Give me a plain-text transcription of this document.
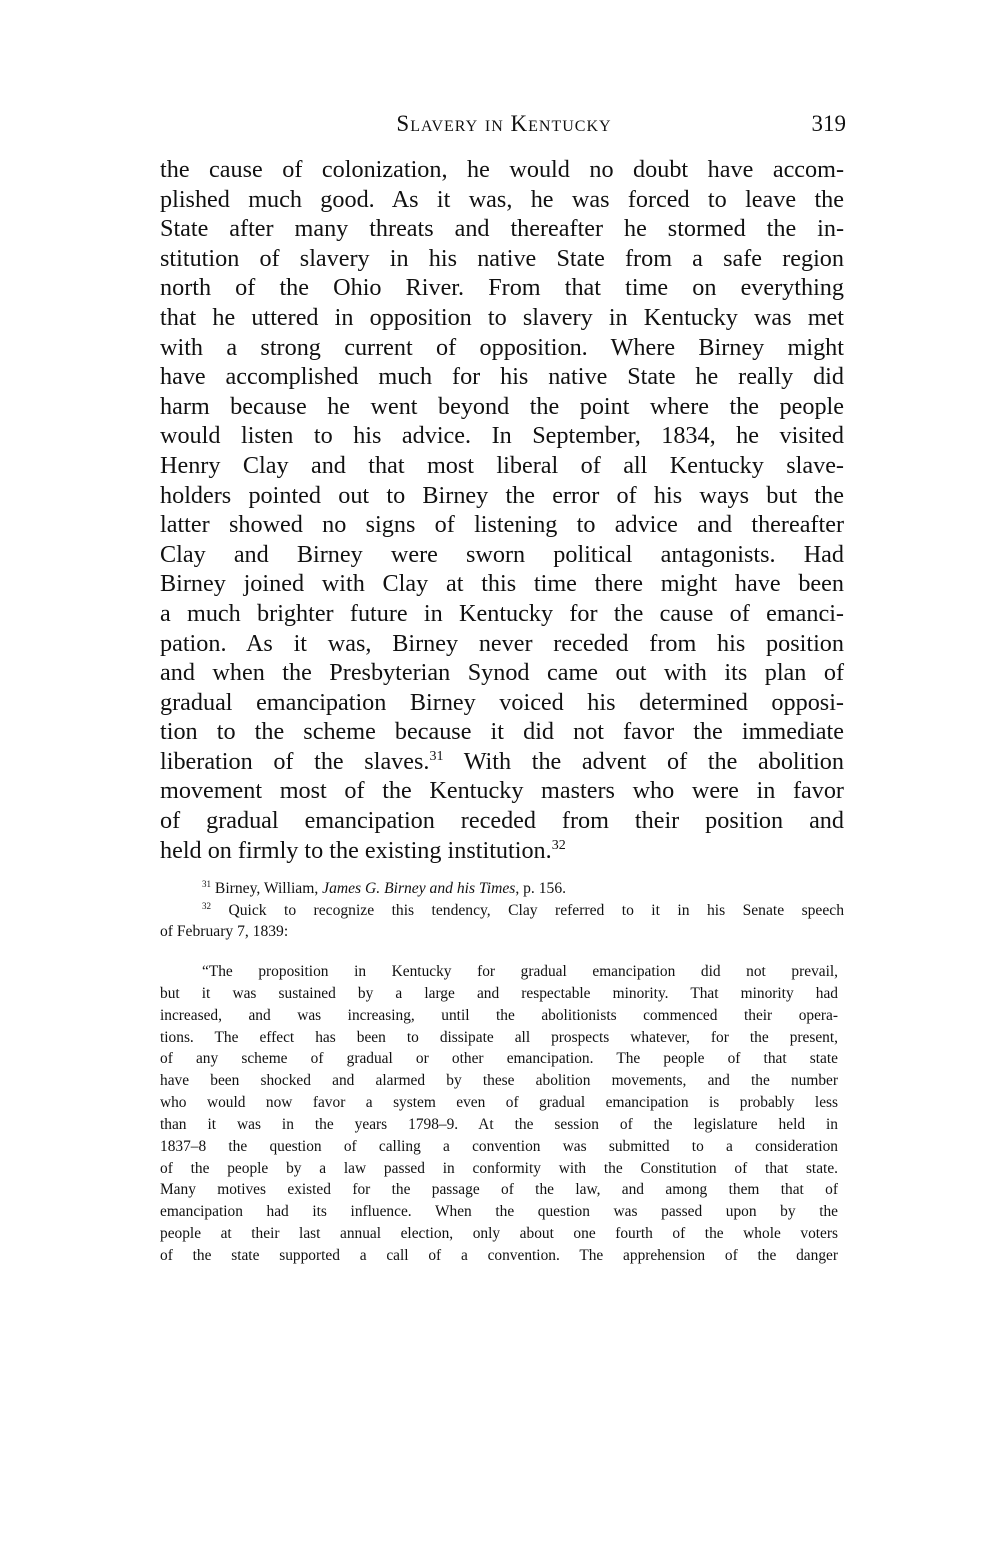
Slavery in Kentucky	319
the cause of colonization, he would no doubt have accom-
plished much good. As it was, he was forced to leave the
State after many threats and thereafter he stormed the in-
stitution of slavery in his native State from a safe region
north of the Ohio River. From that time on everything
that he uttered in opposition to slavery in Kentucky was met
with a strong current of opposition. Where Birney might
have accomplished much for his native State he really did
harm because he went beyond the point where the people
would listen to his advice. In September, 1834, he visited
Henry Clay and that most liberal of all Kentucky slave-
holders pointed out to Birney the error of his ways but the
latter showed no signs of listening to advice and thereafter
Clay and Birney were sworn political antagonists. Had
Birney joined with Clay at this time there might have been
a much brighter future in Kentucky for the cause of emanci-
pation. As it was, Birney never receded from his position
and when the Presbyterian Synod came out with its plan of
gradual emancipation Birney voiced his determined opposi-
tion to the scheme because it did not favor the immediate
liberation of the slaves.$^{31}$ With the advent of the abolition
movement most of the Kentucky masters who were in favor
of gradual emancipation receded from their position and
held on firmly to the existing institution.$^{32}$
$^{31}$ Birney, William, James G. Birney and his Times, p. 156.
$^{32}$ Quick to recognize this tendency, Clay referred to it in his Senate speech
of February 7, 1839:
“The proposition in Kentucky for gradual emancipation did not prevail,
but it was sustained by a large and respectable minority. That minority had
increased, and was increasing, until the abolitionists commenced their opera-
tions. The effect has been to dissipate all prospects whatever, for the present,
of any scheme of gradual or other emancipation. The people of that state
have been shocked and alarmed by these abolition movements, and the number
who would now favor a system even of gradual emancipation is probably less
than it was in the years 1798–9. At the session of the legislature held in
1837–8 the question of calling a convention was submitted to a consideration
of the people by a law passed in conformity with the Constitution of that state.
Many motives existed for the passage of the law, and among them that of
emancipation had its influence. When the question was passed upon by the
people at their last annual election, only about one fourth of the whole voters
of the state supported a call of a convention. The apprehension of the danger
